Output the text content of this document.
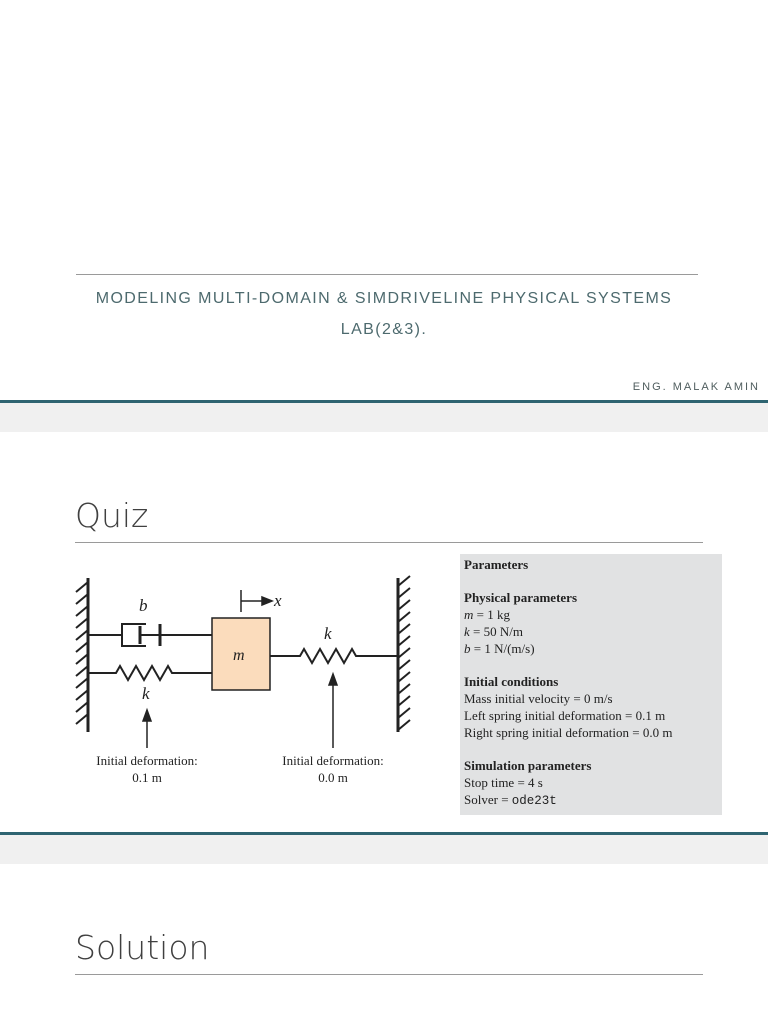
MODELING MULTI-DOMAIN & SIMDRIVELINE PHYSICAL SYSTEMS
LAB(2&3).
ENG. MALAK AMIN
Quiz
b
k
m
x
k
Initial deformation:
0.1 m
Initial deformation:
0.0 m
Parameters
Physical parameters
m = 1 kg
k = 50 N/m
b = 1 N/(m/s)
Initial conditions
Mass initial velocity = 0 m/s
Left spring initial deformation = 0.1 m
Right spring initial deformation = 0.0 m
Simulation parameters
Stop time = 4 s
Solver = ode23t
Solution
